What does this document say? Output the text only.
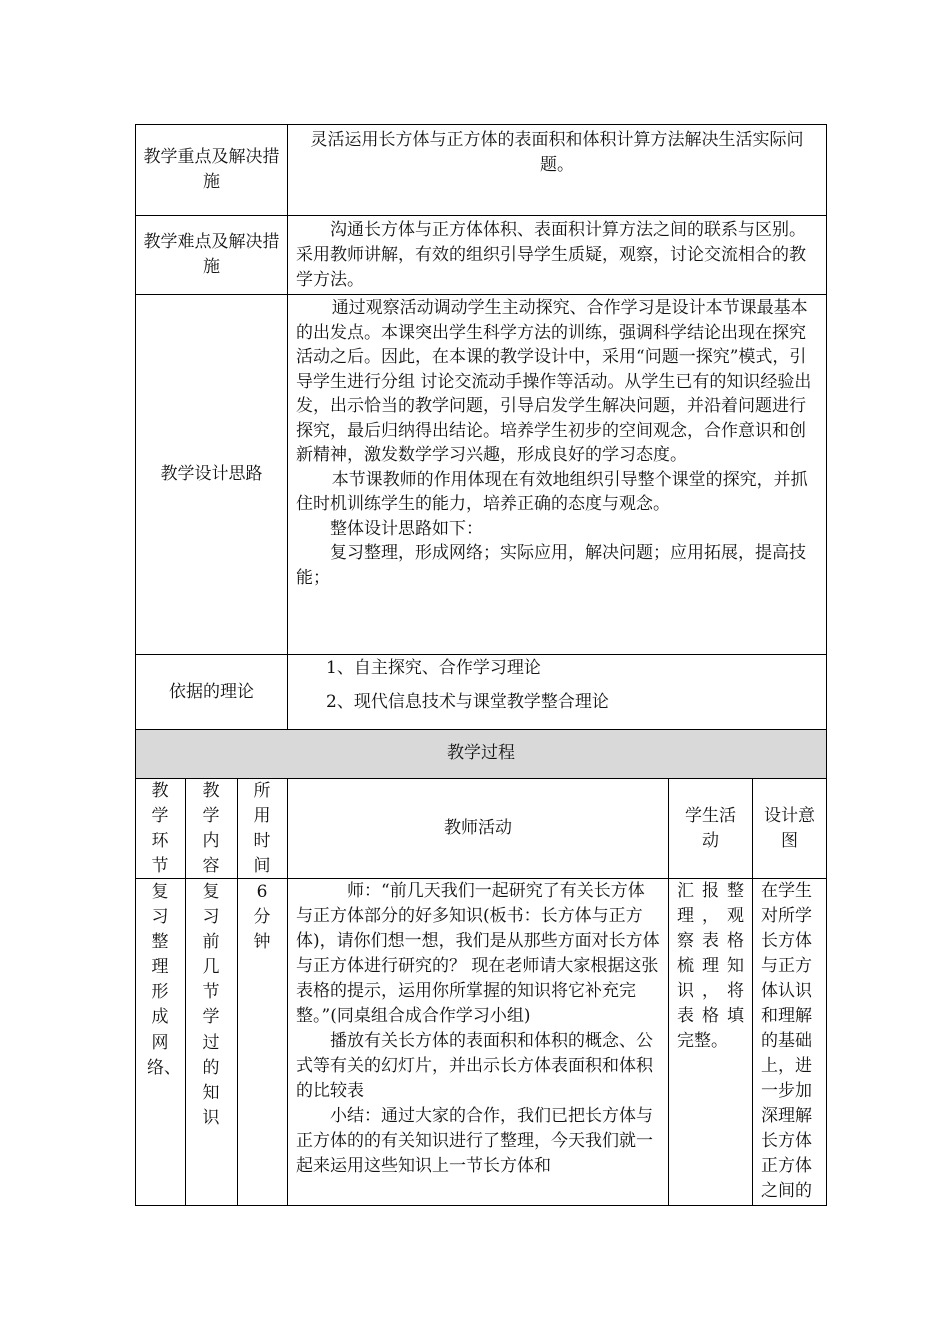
教学重点及解决措施
灵活运用长方体与正方体的表面积和体积计算方法解决生活实际问题。
教学难点及解决措施

沟通长方体与正方体体积、表面积计算方法之间的联系与区别。采用教师讲解，有效的组织引导学生质疑，观察，讨论交流相合的教学方法。

教学设计思路

通过观察活动调动学生主动探究、合作学习是设计本节课最基本的出发点。本课突出学生科学方法的训练，强调科学结论出现在探究活动之后。因此，在本课的教学设计中，采用“问题一探究”模式，引导学生进行分组 讨论交流动手操作等活动。从学生已有的知识经验出发，出示恰当的教学问题，引导启发学生解决问题，并沿着问题进行探究，最后归纳得出结论。培养学生初步的空间观念，合作意识和创新精神，激发数学学习兴趣，形成良好的学习态度。

本节课教师的作用体现在有效地组织引导整个课堂的探究，并抓住时机训练学生的能力，培养正确的态度与观念。

整体设计思路如下：

复习整理，形成网络；实际应用，解决问题；应用拓展，提高技能；

依据的理论
1、自主探究、合作学习理论
2、现代信息技术与课堂教学整合理论
教学过程
教学环节
教学内容
所用时间
教师活动
学生活动
设计意图
复习整理　形成网络、
复习前几节学过的知识
6分钟

师：“前几天我们一起研究了有关长方体与正方体部分的好多知识(板书：长方体与正方体)，请你们想一想，我们是从那些方面对长方体与正方体进行研究的？ 现在老师请大家根据这张表格的提示，运用你所掌握的知识将它补充完整。”(同桌组合成合作学习小组)

播放有关长方体的表面积和体积的概念、公式等有关的幻灯片，并出示长方体表面积和体积的比较表

小结：通过大家的合作，我们已把长方体与正方体的的有关知识进行了整理，今天我们就一起来运用这些知识上一节长方体和

汇报整理，观察表格梳理知识，将表格填完整。
在学生对所学长方体与正方体认识和理解的基础上，进一步加深理解长方体正方体之间的
